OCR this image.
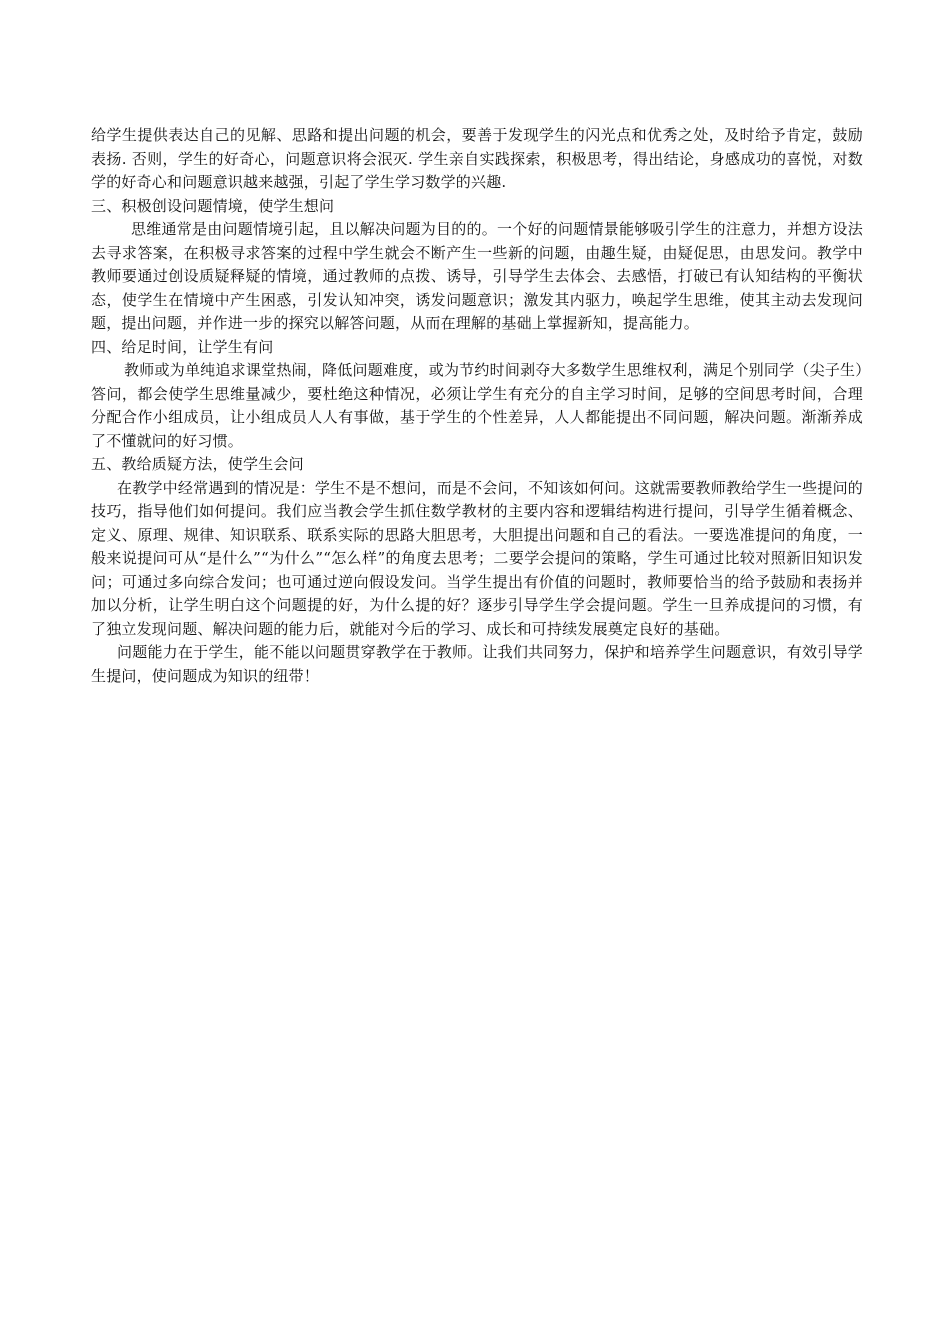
给学生提供表达自己的见解、思路和提出问题的机会，要善于发现学生的闪光点和优秀之处，及时给予肯定，鼓励表扬. 否则，学生的好奇心，问题意识将会泯灭. 学生亲自实践探索，积极思考，得出结论，身感成功的喜悦，对数学的好奇心和问题意识越来越强，引起了学生学习数学的兴趣.

三、积极创设问题情境，使学生想问

思维通常是由问题情境引起，且以解决问题为目的的。一个好的问题情景能够吸引学生的注意力，并想方设法去寻求答案，在积极寻求答案的过程中学生就会不断产生一些新的问题，由趣生疑，由疑促思，由思发问。教学中教师要通过创设质疑释疑的情境，通过教师的点拨、诱导，引导学生去体会、去感悟，打破已有认知结构的平衡状态，使学生在情境中产生困惑，引发认知冲突，诱发问题意识；激发其内驱力，唤起学生思维，使其主动去发现问题，提出问题，并作进一步的探究以解答问题，从而在理解的基础上掌握新知，提高能力。

四、给足时间，让学生有问

教师或为单纯追求课堂热闹，降低问题难度，或为节约时间剥夺大多数学生思维权利，满足个别同学（尖子生）答问，都会使学生思维量减少，要杜绝这种情况，必须让学生有充分的自主学习时间，足够的空间思考时间，合理分配合作小组成员，让小组成员人人有事做，基于学生的个性差异，人人都能提出不同问题，解决问题。渐渐养成了不懂就问的好习惯。

五、教给质疑方法，使学生会问

在教学中经常遇到的情况是：学生不是不想问，而是不会问，不知该如何问。这就需要教师教给学生一些提问的技巧，指导他们如何提问。我们应当教会学生抓住数学教材的主要内容和逻辑结构进行提问，引导学生循着概念、定义、原理、规律、知识联系、联系实际的思路大胆思考，大胆提出问题和自己的看法。一要选准提问的角度，一般来说提问可从“是什么”“为什么”“怎么样”的角度去思考；二要学会提问的策略，学生可通过比较对照新旧知识发问；可通过多向综合发问；也可通过逆向假设发问。当学生提出有价值的问题时，教师要恰当的给予鼓励和表扬并加以分析，让学生明白这个问题提的好，为什么提的好？逐步引导学生学会提问题。学生一旦养成提问的习惯，有了独立发现问题、解决问题的能力后，就能对今后的学习、成长和可持续发展奠定良好的基础。

问题能力在于学生，能不能以问题贯穿教学在于教师。让我们共同努力，保护和培养学生问题意识，有效引导学生提问，使问题成为知识的纽带！
